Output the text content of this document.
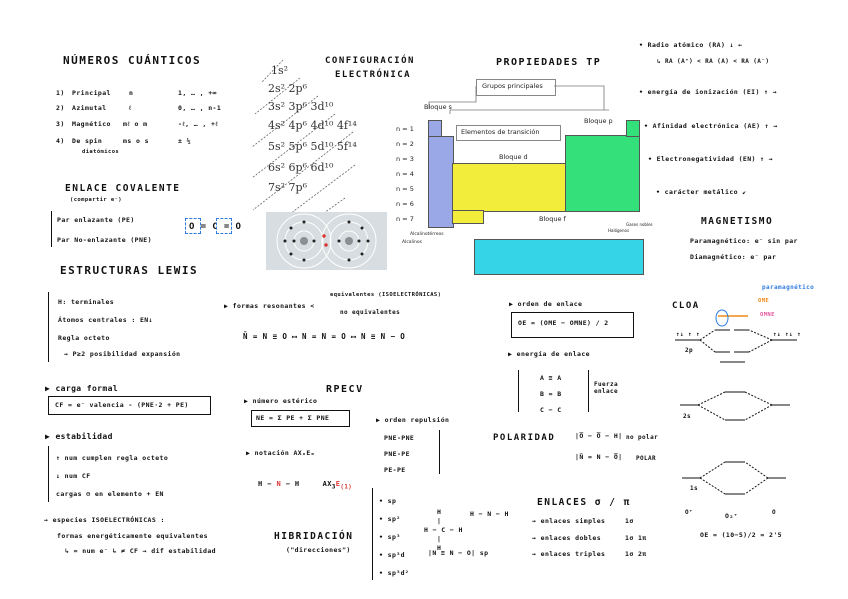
NÚMEROS CUÁNTICOS
1) Principal	n	1, … , +∞
2) Azimutal	ℓ	0, … , n-1
3) Magnético mℓ o m	-ℓ, … , +ℓ
4) De spin	ms o s	± ½
diatómicos
CONFIGURACIÓN
ELECTRÓNICA
1s²
2s² 2p⁶
3s² 3p⁶ 3d¹⁰
4s² 4p⁶ 4d¹⁰ 4f¹⁴
5s² 5p⁶ 5d¹⁰ 5f¹⁴
6s² 6p⁶ 6d¹⁰
7s² 7p⁶
ENLACE COVALENTE
(compartir e⁻)
Par enlazante (PE)
Par No-enlazante (PNE)
O = C = O
ESTRUCTURAS LEWIS
H: terminales
Átomos centrales : EN↓
Regla octeto
→ P≥2 posibilidad expansión
▶ carga formal
CF = e⁻ valencia - (PNE·2 + PE)
▶ estabilidad
↑ num cumplen regla octeto
↓ num CF
cargas ⊖ en elemento + EN
→ especies ISOELECTRÓNICAS :
formas energéticamente equivalentes
↳ = num e⁻ ↳ ≠ CF → dif estabilidad
equivalentes (ISOELECTRÓNICAS)
▶ formas resonantes <
no equivalentes
N̄ = N ≡ O ⟷ N = N = O ⟷ N ≡ N − O
RPECV
▶ número estérico
NE = Σ PE + Σ PNE
▶ notación AXₙEₘ
H − N − H     $AX_3E_{(1)}$
▶ orden repulsión
PNE-PNE
PNE-PE
PE-PE
HIBRIDACIÓN
("direcciones")
• sp
• sp²
• sp³
• sp³d
• sp³d²
H
|
H − C − H
|
H
H − N − H
|N ≡ N − O| sp
PROPIEDADES TP
Grupos principales
Bloque s
Bloque p
Elementos de transición
Bloque d
Bloque f
n = 1
n = 2
n = 3
n = 4
n = 5
n = 6
n = 7
Alcalinotérreos
Alcalinos
Gases nobles
Halógenos
• Radio atómico (RA) ↓ ←
↳ RA (A⁺) < RA (A) < RA (A⁻)
• energía de ionización (EI) ↑ →
• Afinidad electrónica (AE) ↑ →
• Electronegatividad (EN) ↑ →
• carácter metálico ↙
MAGNETISMO
Paramagnético: e⁻ sin par
Diamagnético: e⁻ par
▶ orden de enlace
OE = (OME − OMNE) / 2
▶ energía de enlace
A ≡ A
B = B
C − C
Fuerza enlace
POLARIDAD	|O̅ − O̅ − H| no polar
|N̄ = N − O̅| POLAR
ENLACES σ / π
→ enlaces simples	1σ
→ enlaces dobles	1σ 1π
→ enlaces triples	1σ 2π
CLOA
paramagnético
OME
OMNE
↑↓ ↑ ↑	↑↓ ↑↓ ↑
2p
2s
1s
O⁺	O
O₂⁺
OE = (10−5)/2 = 2'5
